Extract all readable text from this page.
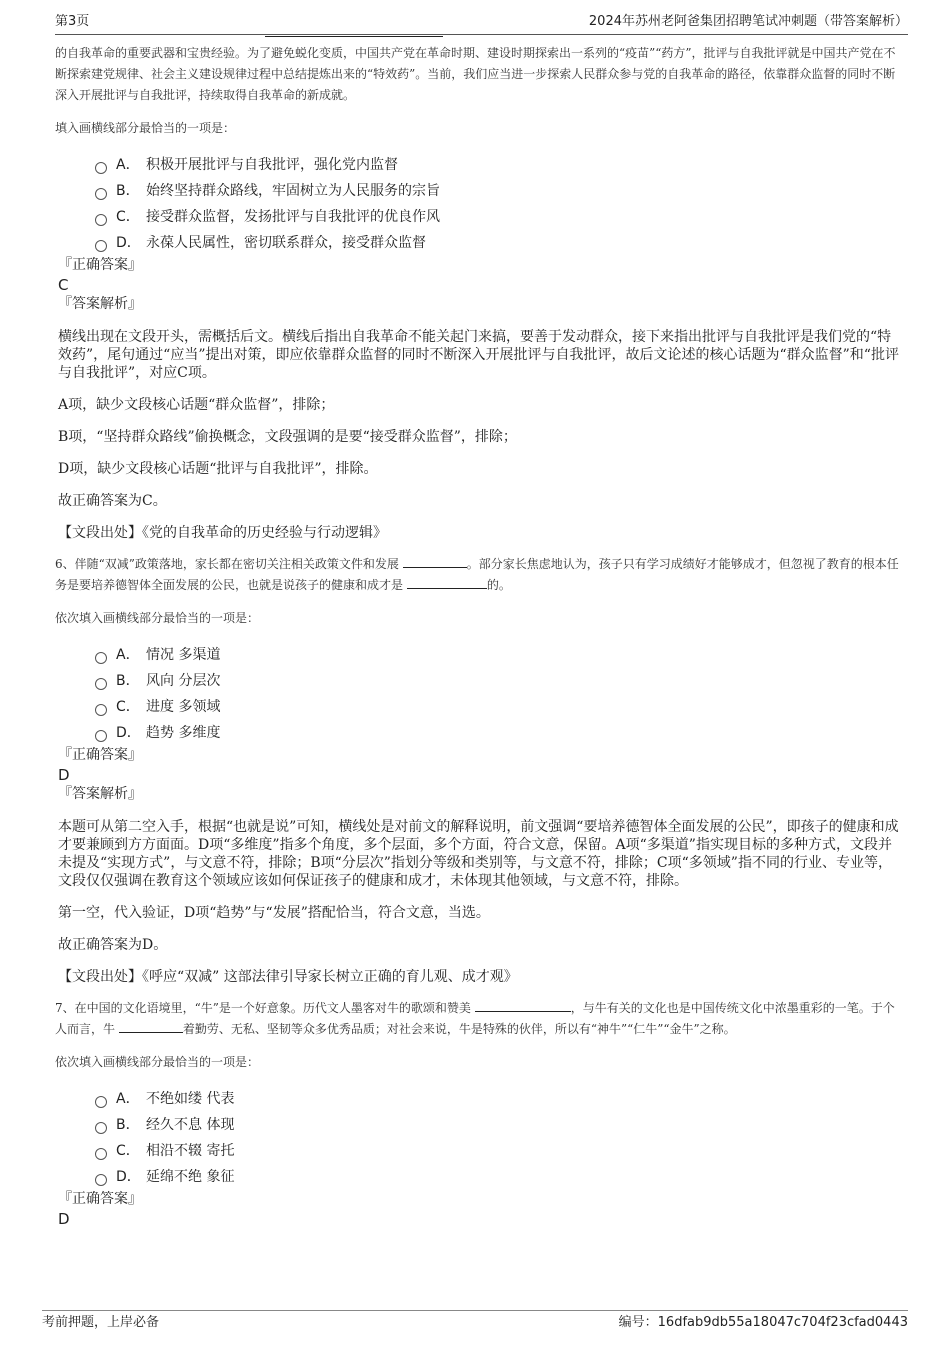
第3页	2024年苏州老阿爸集团招聘笔试冲刺题（带答案解析）
的自我革命的重要武器和宝贵经验。为了避免蜕化变质，中国共产党在革命时期、建设时期探索出一系列的“疫苗”“药方”，批评与自我批评就是中国共产党在不断探索建党规律、社会主义建设规律过程中总结提炼出来的“特效药”。当前，我们应当进一步探索人民群众参与党的自我革命的路径，依靠群众监督的同时不断深入开展批评与自我批评，持续取得自我革命的新成就。
填入画横线部分最恰当的一项是：
A． 积极开展批评与自我批评，强化党内监督
B． 始终坚持群众路线，牢固树立为人民服务的宗旨
C． 接受群众监督，发扬批评与自我批评的优良作风
D． 永葆人民属性，密切联系群众，接受群众监督
『正确答案』
C
『答案解析』
横线出现在文段开头，需概括后文。横线后指出自我革命不能关起门来搞，要善于发动群众，接下来指出批评与自我批评是我们党的“特效药”，尾句通过“应当”提出对策，即应依靠群众监督的同时不断深入开展批评与自我批评，故后文论述的核心话题为“群众监督”和“批评与自我批评”，对应C项。
A项，缺少文段核心话题“群众监督”，排除；
B项，“坚持群众路线”偷换概念，文段强调的是要“接受群众监督”，排除；
D项，缺少文段核心话题“批评与自我批评”，排除。
故正确答案为C。
【文段出处】《党的自我革命的历史经验与行动逻辑》
6、伴随“双减”政策落地，家长都在密切关注相关政策文件和发展	。部分家长焦虑地认为，孩子只有学习成绩好才能够成才，但忽视了教育的根本任务是要培养德智体全面发展的公民，也就是说孩子的健康和成才是	的。
依次填入画横线部分最恰当的一项是：
A． 情况 多渠道
B． 风向 分层次
C． 进度 多领域
D． 趋势 多维度
『正确答案』
D
『答案解析』
本题可从第二空入手，根据“也就是说”可知，横线处是对前文的解释说明，前文强调“要培养德智体全面发展的公民”，即孩子的健康和成才要兼顾到方方面面。D项“多维度”指多个角度，多个层面，多个方面，符合文意，保留。A项“多渠道”指实现目标的多种方式，文段并未提及“实现方式”，与文意不符，排除；B项“分层次”指划分等级和类别等，与文意不符，排除；C项“多领域”指不同的行业、专业等，文段仅仅强调在教育这个领域应该如何保证孩子的健康和成才，未体现其他领域，与文意不符，排除。
第一空，代入验证，D项“趋势”与“发展”搭配恰当，符合文意，当选。
故正确答案为D。
【文段出处】《呼应“双减” 这部法律引导家长树立正确的育儿观、成才观》
7、在中国的文化语境里，“牛”是一个好意象。历代文人墨客对牛的歌颂和赞美	，与牛有关的文化也是中国传统文化中浓墨重彩的一笔。于个人而言，牛	着勤劳、无私、坚韧等众多优秀品质；对社会来说，牛是特殊的伙伴，所以有“神牛”“仁牛”“金牛”之称。
依次填入画横线部分最恰当的一项是：
A． 不绝如缕 代表
B． 经久不息 体现
C． 相沿不辍 寄托
D． 延绵不绝 象征
『正确答案』
D
考前押题，上岸必备	编号：16dfab9db55a18047c704f23cfad0443
